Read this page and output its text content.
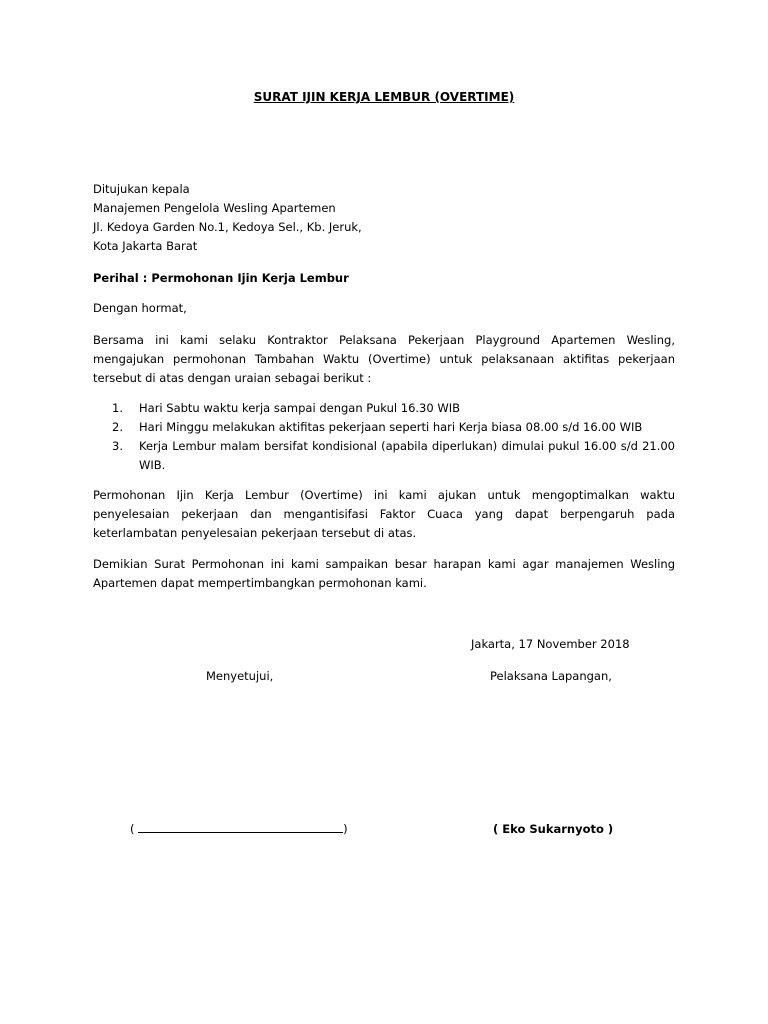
SURAT IJIN KERJA LEMBUR (OVERTIME)
Ditujukan kepala
Manajemen Pengelola Wesling Apartemen
Jl. Kedoya Garden No.1, Kedoya Sel., Kb. Jeruk,
Kota Jakarta Barat
Perihal : Permohonan Ijin Kerja Lembur
Dengan hormat,
Bersama ini kami selaku Kontraktor Pelaksana Pekerjaan Playground Apartemen Wesling, mengajukan permohonan Tambahan Waktu (Overtime) untuk pelaksanaan aktifitas pekerjaan tersebut di atas dengan uraian sebagai berikut :
1. Hari Sabtu waktu kerja sampai dengan Pukul 16.30 WIB
2. Hari Minggu melakukan aktifitas pekerjaan seperti hari Kerja biasa 08.00 s/d 16.00 WIB
3. Kerja Lembur malam bersifat kondisional (apabila diperlukan) dimulai pukul 16.00 s/d 21.00 WIB.
Permohonan Ijin Kerja Lembur (Overtime) ini kami ajukan untuk mengoptimalkan waktu penyelesaian pekerjaan dan mengantisifasi Faktor Cuaca yang dapat berpengaruh pada keterlambatan penyelesaian pekerjaan tersebut di atas.
Demikian Surat Permohonan ini kami sampaikan besar harapan kami agar manajemen Wesling Apartemen dapat mempertimbangkan permohonan kami.
Jakarta, 17 November 2018
Menyetujui,	Pelaksana Lapangan,
(	)	( Eko Sukarnyoto )
